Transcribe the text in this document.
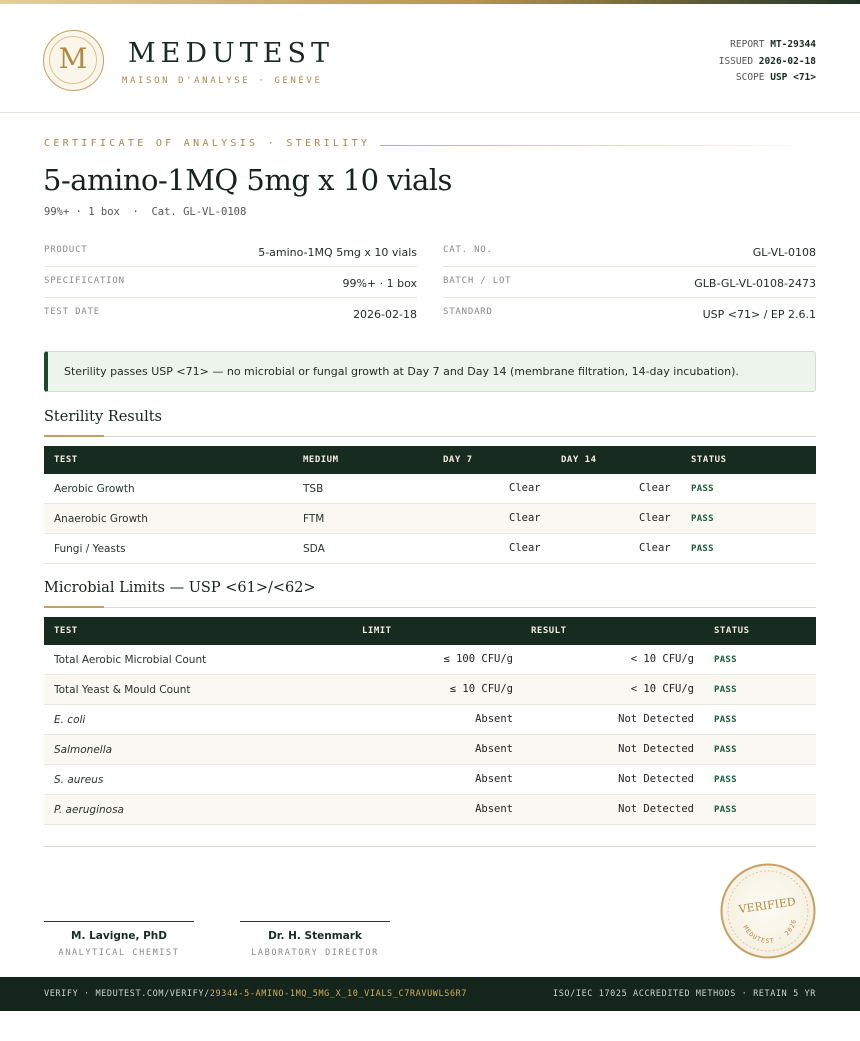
M	MEDUTEST
MAISON D'ANALYSE · GENÈVE
REPORT MT-29344
ISSUED 2026-02-18
SCOPE USP <71>
CERTIFICATE OF ANALYSIS · STERILITY
5-amino-1MQ 5mg x 10 vials
99%+ · 1 box  ·  Cat. GL-VL-0108
PRODUCT	5-amino-1MQ 5mg x 10 vials
SPECIFICATION	99%+ · 1 box
TEST DATE	2026-02-18
CAT. NO.	GL-VL-0108
BATCH / LOT	GLB-GL-VL-0108-2473
STANDARD	USP <71> / EP 2.6.1
Sterility passes USP <71> — no microbial or fungal growth at Day 7 and Day 14 (membrane filtration, 14-day incubation).
Sterility Results
TEST	MEDIUM	DAY 7	DAY 14	STATUS
Aerobic Growth	TSB	Clear	Clear PASS
Anaerobic Growth	FTM	Clear	Clear PASS
Fungi / Yeasts	SDA	Clear	Clear PASS
Microbial Limits — USP <61>/<62>
TEST	LIMIT	RESULT	STATUS
Total Aerobic Microbial Count	≤ 100 CFU/g	< 10 CFU/g PASS
Total Yeast & Mould Count	≤ 10 CFU/g	< 10 CFU/g PASS
E. coli	Absent	Not Detected PASS
Salmonella	Absent	Not Detected PASS
S. aureus	Absent	Not Detected PASS
P. aeruginosa	Absent	Not Detected PASS
M. Lavigne, PhD
ANALYTICAL CHEMIST
Dr. H. Stenmark
LABORATORY DIRECTOR
VERIFIED
MEDUTEST · 2026
VERIFY · MEDUTEST.COM/VERIFY/29344-5-AMINO-1MQ_5MG_X_10_VIALS_C7RAVUWLS6R7	ISO/IEC 17025 ACCREDITED METHODS · RETAIN 5 YR
